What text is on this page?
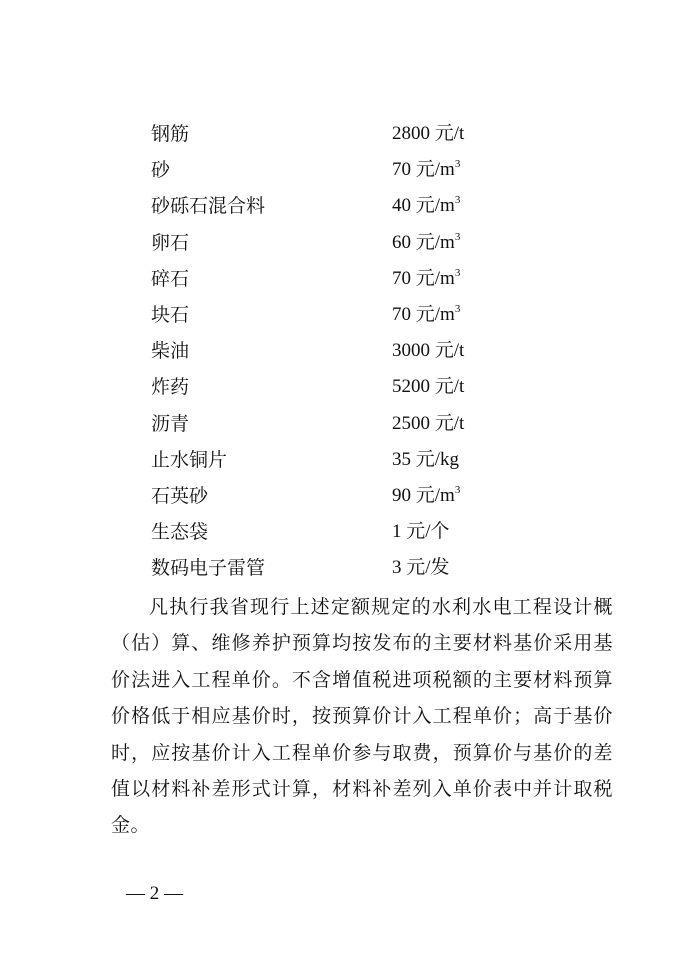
钢筋	2800 元/t
砂	70 元$/m^3$
砂砾石混合料	40 元$/m^3$
卵石	60 元$/m^3$
碎石	70 元$/m^3$
块石	70 元$/m^3$
柴油	3000 元/t
炸药	5200 元/t
沥青	2500 元/t
止水铜片	35 元/kg
石英砂	90 元$/m^3$
生态袋	1 元/个
数码电子雷管	3 元/发
凡执行我省现行上述定额规定的水利水电工程设计概（估）算、维修养护预算均按发布的主要材料基价采用基价法进入工程单价。不含增值税进项税额的主要材料预算价格低于相应基价时，按预算价计入工程单价；高于基价时，应按基价计入工程单价参与取费，预算价与基价的差值以材料补差形式计算，材料补差列入单价表中并计取税金。
— 2 —
